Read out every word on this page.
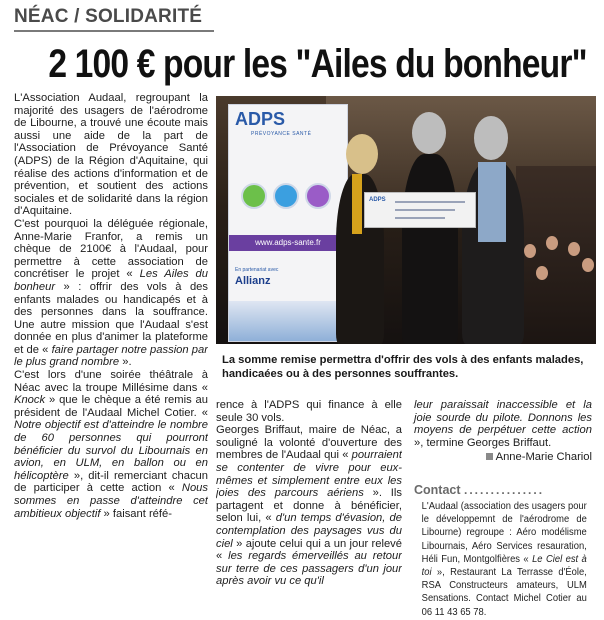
NÉAC / SOLIDARITÉ
2 100 € pour les "Ailes du bonheur"

L'Association Audaal, regroupant la majorité des usagers de l'aérodrome de Libourne, a trouvé une écoute mais aussi une aide de la part de l'Association de Prévoyance Santé (ADPS) de la Région d'Aquitaine, qui réalise des actions d'information et de prévention, et soutient des actions sociales et de solidarité dans la région d'Aquitaine.

C'est pourquoi la déléguée régionale, Anne-Marie Franfor, a remis un chèque de 2100€ à l'Audaal, pour permettre à cette association de concrétiser le projet « Les Ailes du bonheur » : offrir des vols à des enfants malades ou handicapés et à des personnes dans la souffrance. Une autre mission que l'Audaal s'est donnée en plus d'animer la plateforme et de « faire partager notre passion par le plus grand nombre ».

C'est lors d'une soirée théâtrale à Néac avec la troupe Millésime dans « Knock » que le chèque a été remis au président de l'Audaal Michel Cotier. « Notre objectif est d'atteindre le nombre de 60 personnes qui pourront bénéficier du survol du Libournais en avion, en ULM, en ballon ou en hélicoptère », dit-il remerciant chacun de participer à cette action « Nous sommes en passe d'atteindre cet ambitieux objectif » faisant réfé-

ADPS
PRÉVOYANCE SANTÉ
www.adps-sante.fr
En partenariat avec
Allianz
ADPS
La somme remise permettra d'offrir des vols à des enfants malades, handicaées ou à des personnes souffrantes.

rence à l'ADPS qui finance à elle seule 30 vols.

Georges Briffaut, maire de Néac, a souligné la volonté d'ouverture des membres de l'Audaal qui « pourraient se contenter de vivre pour eux-mêmes et simplement entre eux les joies des parcours aériens ». Ils partagent et donne à bénéficier, selon lui, « d'un temps d'évasion, de contemplation des paysages vus du ciel » ajoute celui qui a un jour relevé « les regards émerveillés au retour sur terre de ces passagers d'un jour après avoir vu ce qu'il

leur paraissait inaccessible et la joie sourde du pilote. Donnons les moyens de perpétuer cette action », termine Georges Briffaut.

Anne-Marie Chariol

Contact ...............
L'Audaal (association des usagers pour le développemnt de l'aérodrome de Libourne) regroupe : Aéro modélisme Libournais, Aéro Services resauration, Héli Fun, Montgolfières « Le Ciel est à toi », Restaurant La Terrasse d'Éole, RSA Constructeurs amateurs, ULM Sensations. Contact Michel Cotier au 06 11 43 65 78.
